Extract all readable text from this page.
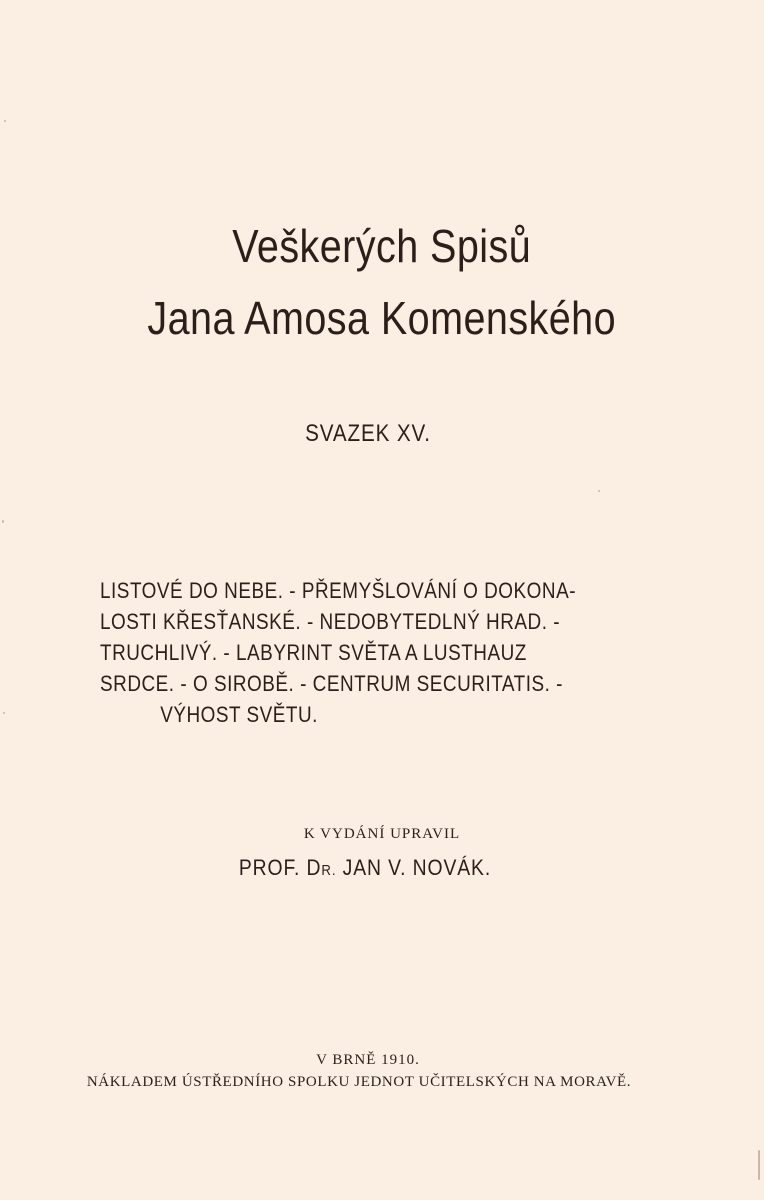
Veškerých Spisů
Jana Amosa Komenského
SVAZEK XV.
LISTOVÉ DO NEBE. - PŘEMYŠLOVÁNÍ O DOKONA-
LOSTI KŘESŤANSKÉ. - NEDOBYTEDLNÝ HRAD. -
TRUCHLIVÝ. - LABYRINT SVĚTA A LUSTHAUZ
SRDCE. - O SIROBĚ. - CENTRUM SECURITATIS. -
VÝHOST SVĚTU.
K VYDÁNÍ UPRAVIL
PROF. DR. JAN V. NOVÁK.
V BRNĚ 1910.
NÁKLADEM ÚSTŘEDNÍHO SPOLKU JEDNOT UČITELSKÝCH NA MORAVĚ.
